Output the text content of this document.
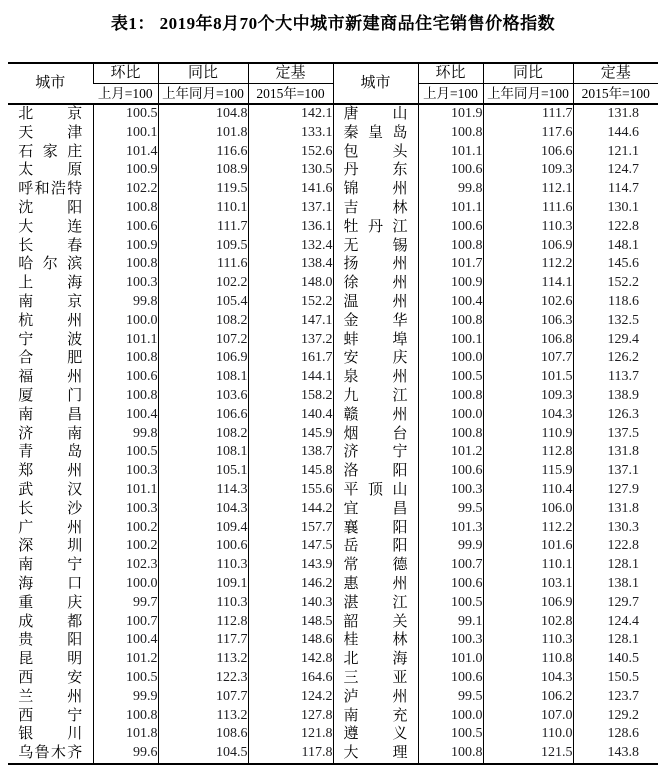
表1： 2019年8月70个大中城市新建商品住宅销售价格指数
城市	环比	同比	定基	城市	环比	同比	定基
	上月=100	上年同月=100	2015年=100		上月=100	上年同月=100	2015年=100

北京	100.5	104.8	142.1	唐山	101.9	111.7	131.8

天津	100.1	101.8	133.1	秦皇岛	100.8	117.6	144.6

石家庄	101.4	116.6	152.6	包头	101.1	106.6	121.1

太原	100.9	108.9	130.5	丹东	100.6	109.3	124.7

呼和浩特	102.2	119.5	141.6	锦州	99.8	112.1	114.7

沈阳	100.8	110.1	137.1	吉林	101.1	111.6	130.1

大连	100.6	111.7	136.1	牡丹江	100.6	110.3	122.8

长春	100.9	109.5	132.4	无锡	100.8	106.9	148.1

哈尔滨	100.8	111.6	138.4	扬州	101.7	112.2	145.6

上海	100.3	102.2	148.0	徐州	100.9	114.1	152.2

南京	99.8	105.4	152.2	温州	100.4	102.6	118.6

杭州	100.0	108.2	147.1	金华	100.8	106.3	132.5

宁波	101.1	107.2	137.2	蚌埠	100.1	106.8	129.4

合肥	100.8	106.9	161.7	安庆	100.0	107.7	126.2

福州	100.6	108.1	144.1	泉州	100.5	101.5	113.7

厦门	100.8	103.6	158.2	九江	100.8	109.3	138.9

南昌	100.4	106.6	140.4	赣州	100.0	104.3	126.3

济南	99.8	108.2	145.9	烟台	100.8	110.9	137.5

青岛	100.5	108.1	138.7	济宁	101.2	112.8	131.8

郑州	100.3	105.1	145.8	洛阳	100.6	115.9	137.1

武汉	101.1	114.3	155.6	平顶山	100.3	110.4	127.9

长沙	100.3	104.3	144.2	宜昌	99.5	106.0	131.8

广州	100.2	109.4	157.7	襄阳	101.3	112.2	130.3

深圳	100.2	100.6	147.5	岳阳	99.9	101.6	122.8

南宁	102.3	110.3	143.9	常德	100.7	110.1	128.1

海口	100.0	109.1	146.2	惠州	100.6	103.1	138.1

重庆	99.7	110.3	140.3	湛江	100.5	106.9	129.7

成都	100.7	112.8	148.5	韶关	99.1	102.8	124.4

贵阳	100.4	117.7	148.6	桂林	100.3	110.3	128.1

昆明	101.2	113.2	142.8	北海	101.0	110.8	140.5

西安	100.5	122.3	164.6	三亚	100.6	104.3	150.5

兰州	99.9	107.7	124.2	泸州	99.5	106.2	123.7

西宁	100.8	113.2	127.8	南充	100.0	107.0	129.2

银川	101.8	108.6	121.8	遵义	100.5	110.0	128.6

乌鲁木齐	99.6	104.5	117.8	大理	100.8	121.5	143.8
